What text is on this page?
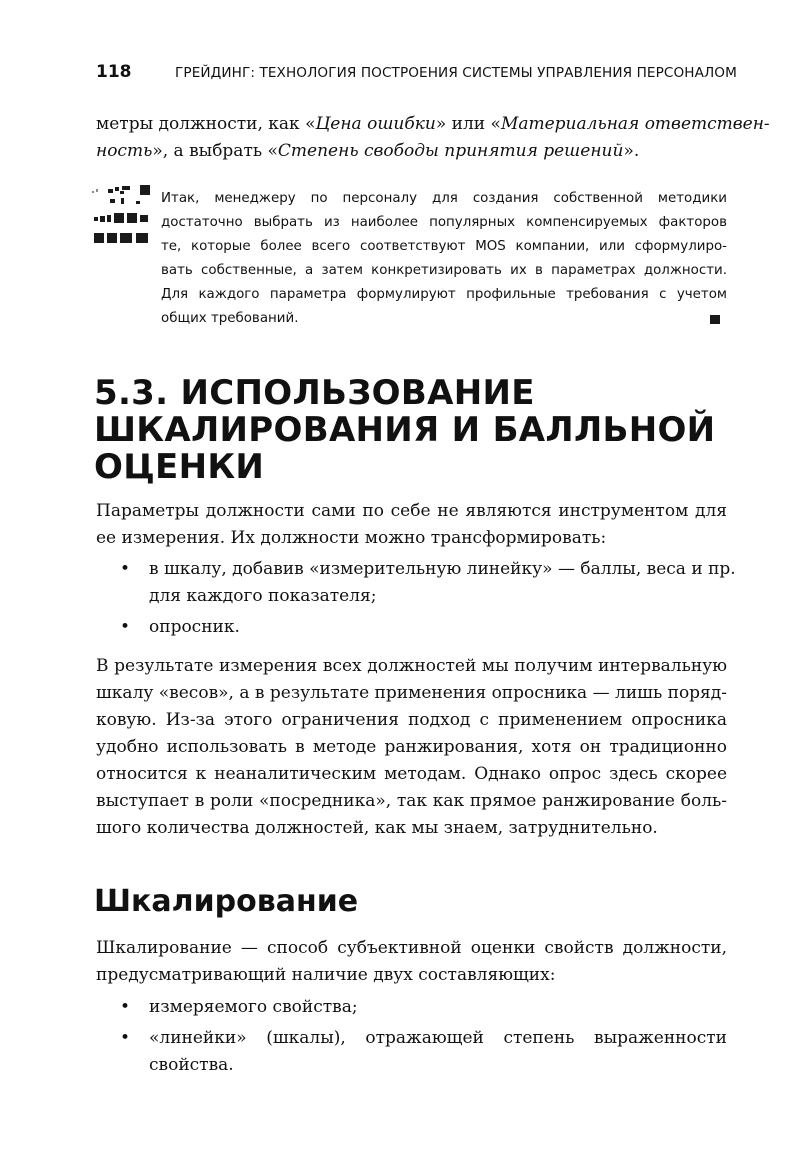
118	ГРЕЙДИНГ: ТЕХНОЛОГИЯ ПОСТРОЕНИЯ СИСТЕМЫ УПРАВЛЕНИЯ ПЕРСОНАЛОМ
метры должности, как «Цена ошибки» или «Материальная ответствен-
ность», а выбрать «Степень свободы принятия решений».
Итак, менеджеру по персоналу для создания собственной методики
достаточно выбрать из наиболее популярных компенсируемых факторов
те, которые более всего соответствуют MOS компании, или сформулиро-
вать собственные, а затем конкретизировать их в параметрах должности.
Для каждого параметра формулируют профильные требования с учетом
общих требований.
5.3. ИСПОЛЬЗОВАНИЕ
ШКАЛИРОВАНИЯ И БАЛЛЬНОЙ
ОЦЕНКИ
Параметры должности сами по себе не являются инструментом для
ее измерения. Их должности можно трансформировать:
• в шкалу, добавив «измерительную линейку» — баллы, веса и пр.
для каждого показателя;
• опросник.
В результате измерения всех должностей мы получим интервальную
шкалу «весов», а в результате применения опросника — лишь поряд-
ковую. Из-за этого ограничения подход с применением опросника
удобно использовать в методе ранжирования, хотя он традиционно
относится к неаналитическим методам. Однако опрос здесь скорее
выступает в роли «посредника», так как прямое ранжирование боль-
шого количества должностей, как мы знаем, затруднительно.
Шкалирование
Шкалирование — способ субъективной оценки свойств должности,
предусматривающий наличие двух составляющих:
• измеряемого свойства;
• «линейки» (шкалы), отражающей степень выраженности
свойства.
